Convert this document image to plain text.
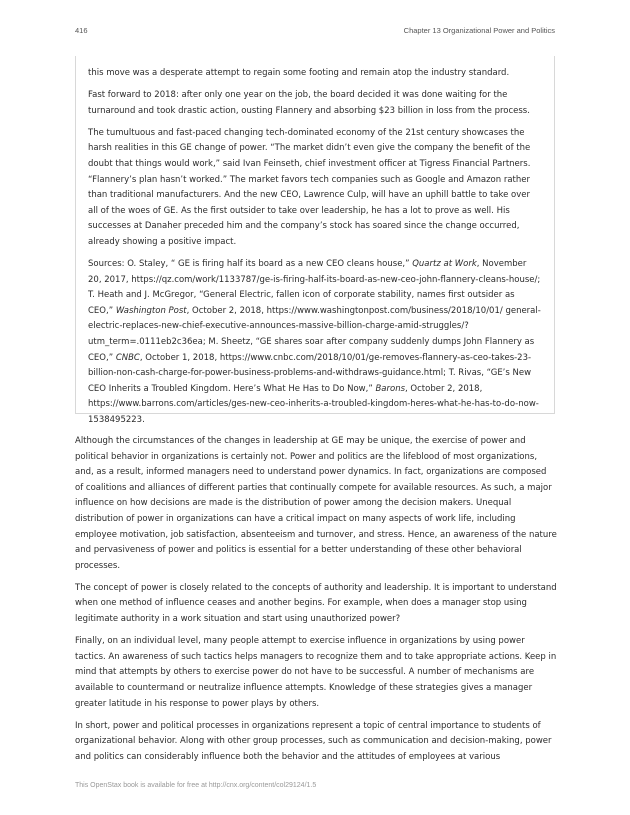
416	Chapter 13 Organizational Power and Politics

this move was a desperate attempt to regain some footing and remain atop the industry standard.

Fast forward to 2018: after only one year on the job, the board decided it was done waiting for the turnaround and took drastic action, ousting Flannery and absorbing $23 billion in loss from the process.

The tumultuous and fast-paced changing tech-dominated economy of the 21st century showcases the harsh realities in this GE change of power. “The market didn’t even give the company the benefit of the doubt that things would work,” said Ivan Feinseth, chief investment officer at Tigress Financial Partners. “Flannery’s plan hasn’t worked.” The market favors tech companies such as Google and Amazon rather than traditional manufacturers. And the new CEO, Lawrence Culp, will have an uphill battle to take over all of the woes of GE. As the first outsider to take over leadership, he has a lot to prove as well. His successes at Danaher preceded him and the company’s stock has soared since the change occurred, already showing a positive impact.

Sources: O. Staley, “ GE is firing half its board as a new CEO cleans house,” Quartz at Work, November 20, 2017, https://qz.com/work/1133787/ge-is-firing-half-its-board-as-new-ceo-john-flannery-cleans-house/; T. Heath and J. McGregor, “General Electric, fallen icon of corporate stability, names first outsider as CEO,” Washington Post, October 2, 2018, https://www.washingtonpost.com/business/2018/10/01/ general-electric-replaces-new-chief-executive-announces-massive-billion-charge-amid-struggles/?utm_term=.0111eb2c36ea; M. Sheetz, “GE shares soar after company suddenly dumps John Flannery as CEO,” CNBC, October 1, 2018, https://www.cnbc.com/2018/10/01/ge-removes-flannery-as-ceo-takes-23-billion-non-cash-charge-for-power-business-problems-and-withdraws-guidance.html; T. Rivas, “GE’s New CEO Inherits a Troubled Kingdom. Here’s What He Has to Do Now,” Barons, October 2, 2018, https://www.barrons.com/articles/ges-new-ceo-inherits-a-troubled-kingdom-heres-what-he-has-to-do-now-1538495223.

Although the circumstances of the changes in leadership at GE may be unique, the exercise of power and political behavior in organizations is certainly not. Power and politics are the lifeblood of most organizations, and, as a result, informed managers need to understand power dynamics. In fact, organizations are composed of coalitions and alliances of different parties that continually compete for available resources. As such, a major influence on how decisions are made is the distribution of power among the decision makers. Unequal distribution of power in organizations can have a critical impact on many aspects of work life, including employee motivation, job satisfaction, absenteeism and turnover, and stress. Hence, an awareness of the nature and pervasiveness of power and politics is essential for a better understanding of these other behavioral processes.

The concept of power is closely related to the concepts of authority and leadership. It is important to understand when one method of influence ceases and another begins. For example, when does a manager stop using legitimate authority in a work situation and start using unauthorized power?

Finally, on an individual level, many people attempt to exercise influence in organizations by using power tactics. An awareness of such tactics helps managers to recognize them and to take appropriate actions. Keep in mind that attempts by others to exercise power do not have to be successful. A number of mechanisms are available to countermand or neutralize influence attempts. Knowledge of these strategies gives a manager greater latitude in his response to power plays by others.

In short, power and political processes in organizations represent a topic of central importance to students of organizational behavior. Along with other group processes, such as communication and decision-making, power and politics can considerably influence both the behavior and the attitudes of employees at various

This OpenStax book is available for free at http://cnx.org/content/col29124/1.5
